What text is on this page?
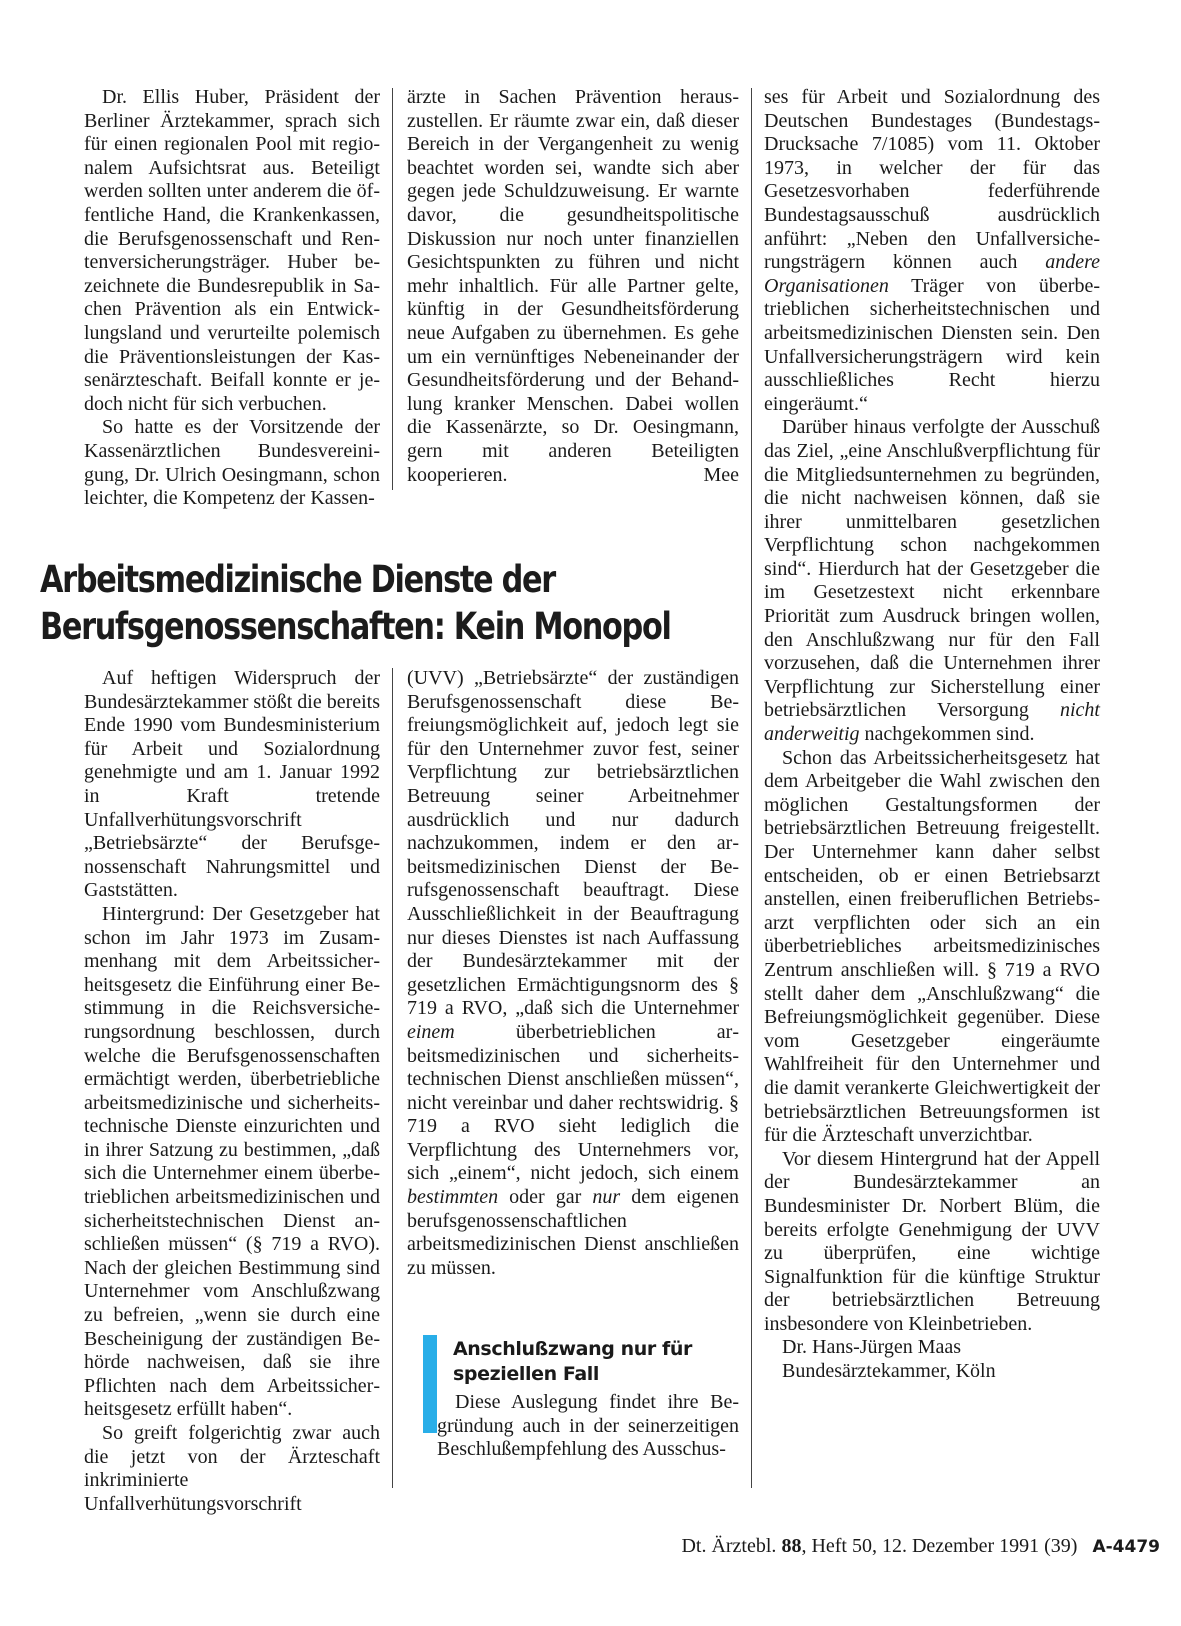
Dr. Ellis Huber, Präsident der Berliner Ärztekammer, sprach sich für einen regionalen Pool mit regionalem Aufsichtsrat aus. Beteiligt werden sollten unter anderem die öffentliche Hand, die Krankenkassen, die Berufsgenossenschaft und Rentenversicherungsträger. Huber bezeichnete die Bundesrepublik in Sachen Prävention als ein Entwicklungsland und verurteilte polemisch die Präventionsleistungen der Kassenärzteschaft. Beifall konnte er jedoch nicht für sich verbuchen.

So hatte es der Vorsitzende der Kassenärztlichen Bundesvereinigung, Dr. Ulrich Oesingmann, schon leichter, die Kompetenz der Kassen-

ärzte in Sachen Prävention herauszustellen. Er räumte zwar ein, daß dieser Bereich in der Vergangenheit zu wenig beachtet worden sei, wandte sich aber gegen jede Schuldzuweisung. Er warnte davor, die gesundheitspolitische Diskussion nur noch unter finanziellen Gesichtspunkten zu führen und nicht mehr inhaltlich. Für alle Partner gelte, künftig in der Gesundheitsförderung neue Aufgaben zu übernehmen. Es gehe um ein vernünftiges Nebeneinander der Gesundheitsförderung und der Behandlung kranker Menschen. Dabei wollen die Kassenärzte, so Dr. Oesingmann, gern mit anderen Beteiligten kooperieren.	Mee

Arbeitsmedizinische Dienste der
Berufsgenossenschaften: Kein Monopol

Auf heftigen Widerspruch der Bundesärztekammer stößt die bereits Ende 1990 vom Bundesministerium für Arbeit und Sozialordnung genehmigte und am 1. Januar 1992 in Kraft tretende Unfallverhütungsvorschrift „Betriebsärzte“ der Berufsgenossenschaft Nahrungsmittel und Gaststätten.

Hintergrund: Der Gesetzgeber hat schon im Jahr 1973 im Zusammenhang mit dem Arbeitssicherheitsgesetz die Einführung einer Bestimmung in die Reichsversicherungsordnung beschlossen, durch welche die Berufsgenossenschaften ermächtigt werden, überbetriebliche arbeitsmedizinische und sicherheitstechnische Dienste einzurichten und in ihrer Satzung zu bestimmen, „daß sich die Unternehmer einem überbetrieblichen arbeitsmedizinischen und sicherheitstechnischen Dienst anschließen müssen“ (§ 719 a RVO). Nach der gleichen Bestimmung sind Unternehmer vom Anschlußzwang zu befreien, „wenn sie durch eine Bescheinigung der zuständigen Behörde nachweisen, daß sie ihre Pflichten nach dem Arbeitssicherheitsgesetz erfüllt haben“.

So greift folgerichtig zwar auch die jetzt von der Ärzteschaft inkriminierte Unfallverhütungsvorschrift

(UVV) „Betriebsärzte“ der zuständigen Berufsgenossenschaft diese Befreiungsmöglichkeit auf, jedoch legt sie für den Unternehmer zuvor fest, seiner Verpflichtung zur betriebsärztlichen Betreuung seiner Arbeitnehmer ausdrücklich und nur dadurch nachzukommen, indem er den arbeitsmedizinischen Dienst der Berufsgenossenschaft beauftragt. Diese Ausschließlichkeit in der Beauftragung nur dieses Dienstes ist nach Auffassung der Bundesärztekammer mit der gesetzlichen Ermächtigungsnorm des § 719 a RVO, „daß sich die Unternehmer einem überbetrieblichen arbeitsmedizinischen und sicherheitstechnischen Dienst anschließen müssen“, nicht vereinbar und daher rechtswidrig. § 719 a RVO sieht lediglich die Verpflichtung des Unternehmers vor, sich „einem“, nicht jedoch, sich einem bestimmten oder gar nur dem eigenen berufsgenossenschaftlichen arbeitsmedizinischen Dienst anschließen zu müssen.

Anschlußzwang nur für speziellen Fall

Diese Auslegung findet ihre Begründung auch in der seinerzeitigen Beschlußempfehlung des Ausschus-

ses für Arbeit und Sozialordnung des Deutschen Bundestages (Bundestags-Drucksache 7/1085) vom 11. Oktober 1973, in welcher der für das Gesetzesvorhaben federführende Bundestagsausschuß ausdrücklich anführt: „Neben den Unfallversicherungsträgern können auch andere Organisationen Träger von überbetrieblichen sicherheitstechnischen und arbeitsmedizinischen Diensten sein. Den Unfallversicherungsträgern wird kein ausschließliches Recht hierzu eingeräumt.“

Darüber hinaus verfolgte der Ausschuß das Ziel, „eine Anschlußverpflichtung für die Mitgliedsunternehmen zu begründen, die nicht nachweisen können, daß sie ihrer unmittelbaren gesetzlichen Verpflichtung schon nachgekommen sind“. Hierdurch hat der Gesetzgeber die im Gesetzestext nicht erkennbare Priorität zum Ausdruck bringen wollen, den Anschlußzwang nur für den Fall vorzusehen, daß die Unternehmen ihrer Verpflichtung zur Sicherstellung einer betriebsärztlichen Versorgung nicht anderweitig nachgekommen sind.

Schon das Arbeitssicherheitsgesetz hat dem Arbeitgeber die Wahl zwischen den möglichen Gestaltungsformen der betriebsärztlichen Betreuung freigestellt. Der Unternehmer kann daher selbst entscheiden, ob er einen Betriebsarzt anstellen, einen freiberuflichen Betriebsarzt verpflichten oder sich an ein überbetriebliches arbeitsmedizinisches Zentrum anschließen will. § 719 a RVO stellt daher dem „Anschlußzwang“ die Befreiungsmöglichkeit gegenüber. Diese vom Gesetzgeber eingeräumte Wahlfreiheit für den Unternehmer und die damit verankerte Gleichwertigkeit der betriebsärztlichen Betreuungsformen ist für die Ärzteschaft unverzichtbar.

Vor diesem Hintergrund hat der Appell der Bundesärztekammer an Bundesminister Dr. Norbert Blüm, die bereits erfolgte Genehmigung der UVV zu überprüfen, eine wichtige Signalfunktion für die künftige Struktur der betriebsärztlichen Betreuung insbesondere von Kleinbetrieben.

Dr. Hans-Jürgen Maas

Bundesärztekammer, Köln

Dt. Ärztebl. 88, Heft 50, 12. Dezember 1991 (39) A-4479
